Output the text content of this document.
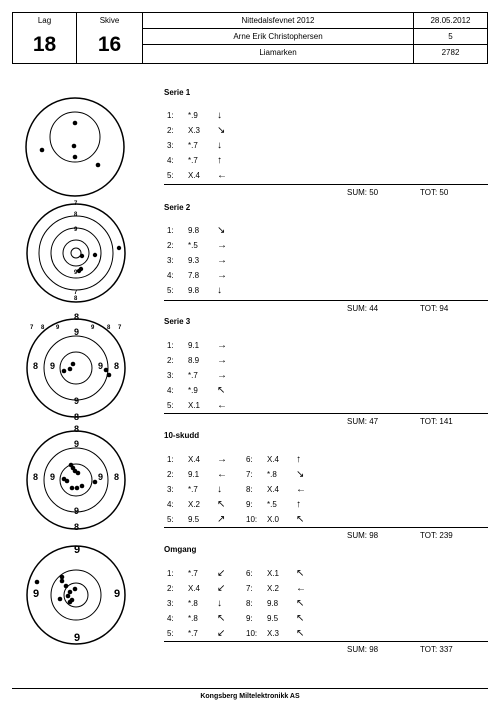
Lag
18
Skive
16
Nittedalsfevnet 2012	28.05.2012
Arne Erik Christophersen	5
Liamarken	2782
7
8
8
7
7 8	8 7
9
9
9	9
8
8	8
8
9
9	9
9
8
8	8
8
9
9	9
9
9
9	9
9
Serie 1
1: *.9 ↓
2: X.3 ↘
3: *.7 ↓
4: *.7 ↑
5: X.4 ←
SUM: 50	TOT: 50
Serie 2
1: 9.8 ↘
2: *.5 →
3: 9.3 →
4: 7.8 →
5: 9.8 ↓
SUM: 44	TOT: 94
Serie 3
1: 9.1 →
2: 8.9 →
3: *.7 →
4: *.9 ↖
5: X.1 ←
SUM: 47	TOT: 141
10-skudd
1: X.4 →
2: 9.1 ←
3: *.7 ↓
4: X.2 ↖
5: 9.5 ↗
6: X.4 ↑
7: *.8 ↘
8: X.4 ←
9: *.5 ↑
10: X.0 ↖
SUM: 98	TOT: 239
Omgang
1: *.7 ↙
2: X.4 ↙
3: *.8 ↓
4: *.8 ↖
5: *.7 ↙
6: X.1 ↖
7: X.2 ←
8: 9.8 ↖
9: 9.5 ↖
10: X.3 ↖
SUM: 98	TOT: 337
Kongsberg Miltelektronikk AS
